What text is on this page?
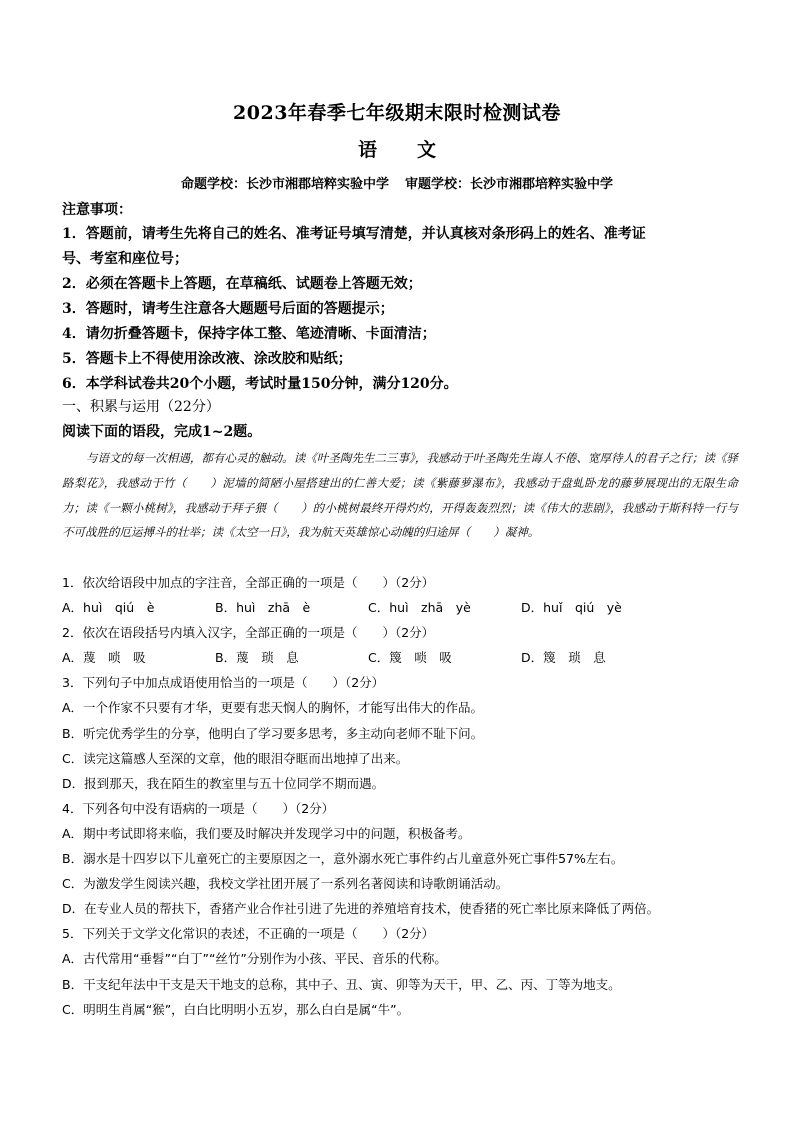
2023年春季七年级期末限时检测试卷
语 文
命题学校：长沙市湘郡培粹实验中学 审题学校：长沙市湘郡培粹实验中学
注意事项：
1．答题前，请考生先将自己的姓名、准考证号填写清楚，并认真核对条形码上的姓名、准考证
号、考室和座位号；
2．必须在答题卡上答题，在草稿纸、试题卷上答题无效；
3．答题时，请考生注意各大题题号后面的答题提示；
4．请勿折叠答题卡，保持字体工整、笔迹清晰、卡面清洁；
5．答题卡上不得使用涂改液、涂改胶和贴纸；
6．本学科试卷共20个小题，考试时量150分钟，满分120分。
一、积累与运用（22分）
阅读下面的语段，完成1~2题。
与语文的每一次相遇，都有心灵的触动。读《叶圣陶先生二三事》，我感动于叶圣陶先生诲人不倦、宽厚待人的君子之行；读《驿路梨花》，我感动于竹（　　）泥墙的简陋小屋搭建出的仁善大爱；读《紫藤萝瀑布》，我感动于盘虬卧龙的藤萝展现出的无限生命力；读《一颗小桃树》，我感动于拜子猥（　　）的小桃树最终开得灼灼，开得轰轰烈烈；读《伟大的悲剧》，我感动于斯科特一行与不可战胜的厄运搏斗的壮举；读《太空一日》，我为航天英雄惊心动魄的归途屏（　　）凝神。
1．依次给语段中加点的字注音，全部正确的一项是（　　）（2分）
A．huì　qiú　è	B．huì　zhā　è	C．huì　zhā　yè	D．huǐ　qiú　yè
2．依次在语段括号内填入汉字，全部正确的一项是（　　）（2分）
A．蔑　唢　吸	B．蔑　琐　息	C．篾　唢　吸	D．篾　琐　息
3．下列句子中加点成语使用恰当的一项是（　　）（2分）
A．一个作家不只要有才华，更要有悲天悯人的胸怀，才能写出伟大的作品。
B．听完优秀学生的分享，他明白了学习要多思考，多主动向老师不耻下问。
C．读完这篇感人至深的文章，他的眼泪夺眶而出地掉了出来。
D．报到那天，我在陌生的教室里与五十位同学不期而遇。
4．下列各句中没有语病的一项是（　　）（2分）
A．期中考试即将来临，我们要及时解决并发现学习中的问题，积极备考。
B．溺水是十四岁以下儿童死亡的主要原因之一，意外溺水死亡事件约占儿童意外死亡事件57%左右。
C．为激发学生阅读兴趣，我校文学社团开展了一系列名著阅读和诗歌朗诵活动。
D．在专业人员的帮扶下，香猪产业合作社引进了先进的养殖培育技术，使香猪的死亡率比原来降低了两倍。
5．下列关于文学文化常识的表述，不正确的一项是（　　）（2分）
A．古代常用“垂髫”“白丁”“丝竹”分别作为小孩、平民、音乐的代称。
B．干支纪年法中干支是天干地支的总称，其中子、丑、寅、卯等为天干，甲、乙、丙、丁等为地支。
C．明明生肖属“猴”，白白比明明小五岁，那么白白是属“牛”。
